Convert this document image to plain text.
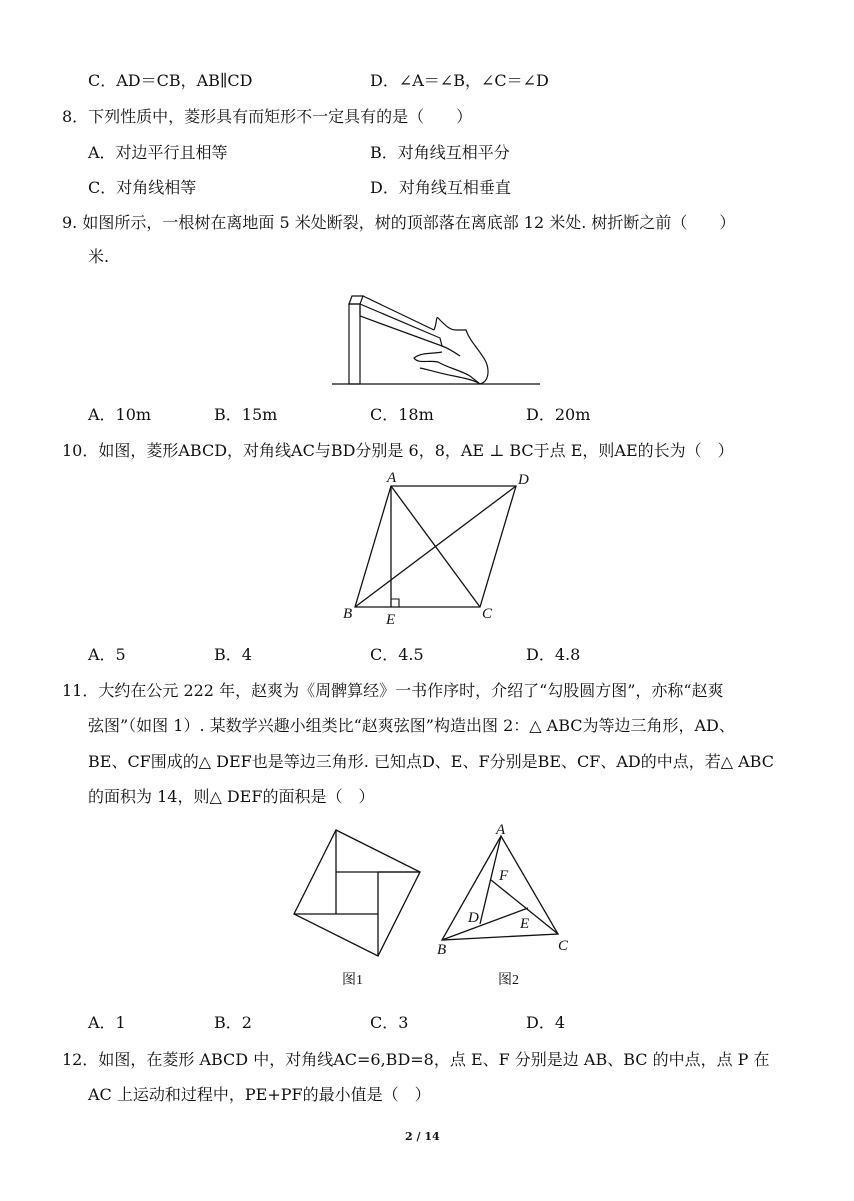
C．AD＝CB，AB∥CD	D．∠A＝∠B，∠C＝∠D
8．下列性质中，菱形具有而矩形不一定具有的是（　　）
A．对边平行且相等	B．对角线互相平分
C．对角线相等	D．对角线互相垂直
9. 如图所示，一根树在离地面 5 米处断裂，树的顶部落在离底部 12 米处. 树折断之前（　　）
米.
A．10m	B．15m	C．18m	D．20m
10．如图，菱形ABCD，对角线AC与BD分别是 6，8，AE ⊥ BC于点 E，则AE的长为（　）
A	D
B E	C
A．5	B．4	C．4.5	D．4.8
11．大约在公元 222 年，赵爽为《周髀算经》一书作序时，介绍了“勾股圆方图”，亦称“赵爽
弦图”（如图 1）. 某数学兴趣小组类比“赵爽弦图”构造出图 2：△ ABC为等边三角形，AD、
BE、CF围成的△ DEF也是等边三角形. 已知点D、E、F分别是BE、CF、AD的中点，若△ ABC
的面积为 14，则△ DEF的面积是（　）
图1
A
B	C
F
D	E
图2
A．1	B．2	C．3	D．4
12．如图，在菱形 ABCD 中，对角线AC=6,BD=8，点 E、F 分别是边 AB、BC 的中点，点 P 在
AC 上运动和过程中，PE+PF的最小值是（　）
2 / 14
